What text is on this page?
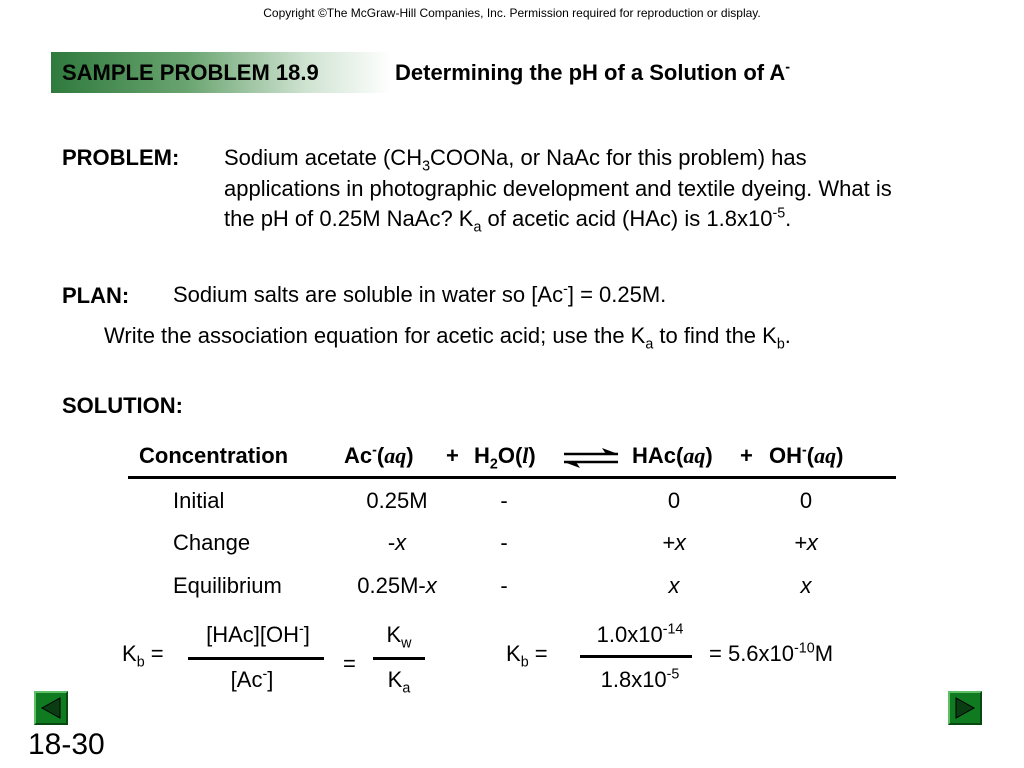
Copyright ©The McGraw-Hill Companies, Inc. Permission required for reproduction or display.
SAMPLE PROBLEM 18.9	Determining the pH of a Solution of A-
PROBLEM: Sodium acetate ($CH_3COONa$, or NaAc for this problem) has applications in photographic development and textile dyeing. What is the pH of 0.25M NaAc? $K_a$ of acetic acid (HAc) is $1.8x10^{-5}$.
PLAN: Sodium salts are soluble in water so [Ac-] = 0.25M.
Write the association equation for acetic acid; use the $K_a$ to find the $K_b$.
SOLUTION:
Concentration	$Ac^-(aq) + H_2O(l)$ ⇌ HAc(aq) + OH-(aq)
Initial	0.25M	-	0	0
Change	-x	-	+x	+x
Equilibrium	0.25M-x	-	x	x
$K_b$ =
[HAc][OH-]
[Ac-]
=
$K_w$
$K_a$
$K_b$ =
$1.0x10^{-14}$
$1.8x10^{-5}$
= $5.6x10^{-10}M$
18-30
